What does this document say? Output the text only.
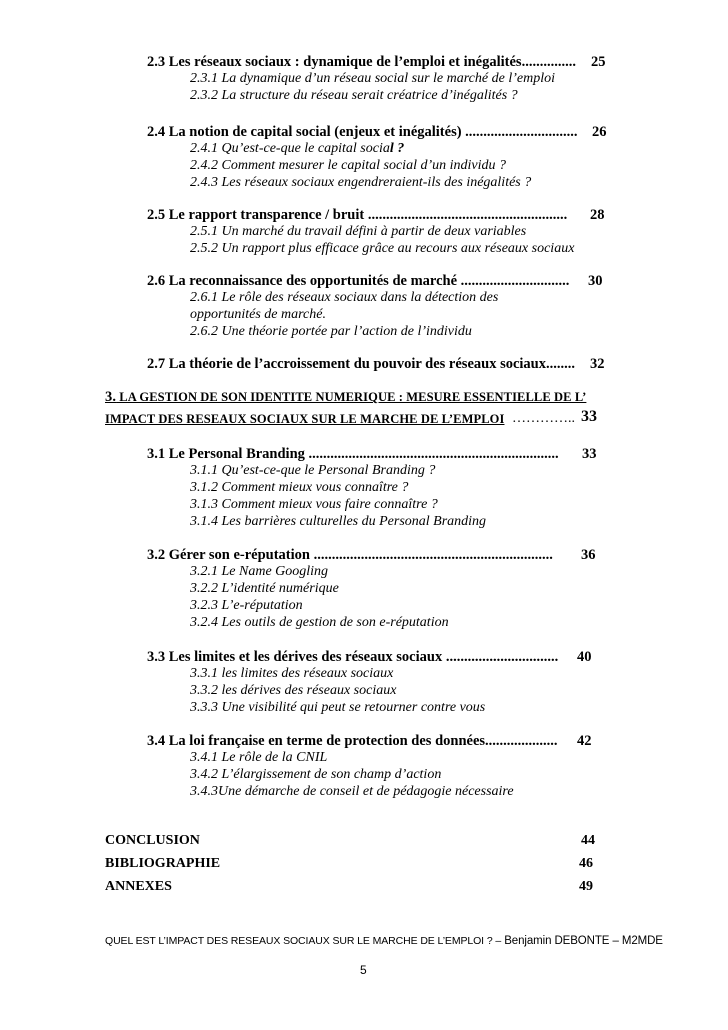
2.3 Les réseaux sociaux : dynamique de l’emploi et inégalités............... 25
2.3.1 La dynamique d’un réseau social sur le marché de l’emploi
2.3.2 La structure du réseau serait créatrice d’inégalités ?
2.4 La notion de capital social (enjeux et inégalités) ............................... 26
2.4.1 Qu’est-ce-que le capital social ?
2.4.2 Comment mesurer le capital social d’un individu ?
2.4.3 Les réseaux sociaux engendreraient-ils des inégalités ?
2.5 Le rapport transparence / bruit ....................................................... 28
2.5.1 Un marché du travail défini à partir de deux variables
2.5.2 Un rapport plus efficace grâce au recours aux réseaux sociaux
2.6 La reconnaissance des opportunités de marché .............................. 30
2.6.1 Le rôle des réseaux sociaux dans la détection des
opportunités de marché.
2.6.2 Une théorie portée par l’action de l’individu
2.7 La théorie de l’accroissement du pouvoir des réseaux sociaux........ 32
3. LA GESTION DE SON IDENTITE NUMERIQUE : MESURE ESSENTIELLE DE L’
IMPACT DES RESEAUX SOCIAUX SUR LE MARCHE DE L’EMPLOI ………….. 33
3.1 Le Personal Branding ..................................................................... 33
3.1.1 Qu’est-ce-que le Personal Branding ?
3.1.2 Comment mieux vous connaître ?
3.1.3 Comment mieux vous faire connaître ?
3.1.4 Les barrières culturelles du Personal Branding
3.2 Gérer son e-réputation .................................................................. 36
3.2.1 Le Name Googling
3.2.2 L’identité numérique
3.2.3 L’e-réputation
3.2.4 Les outils de gestion de son e-réputation
3.3 Les limites et les dérives des réseaux sociaux ............................... 40
3.3.1 les limites des réseaux sociaux
3.3.2 les dérives des réseaux sociaux
3.3.3 Une visibilité qui peut se retourner contre vous
3.4 La loi française en terme de protection des données.................... 42
3.4.1 Le rôle de la CNIL
3.4.2 L’élargissement de son champ d’action
3.4.3Une démarche de conseil et de pédagogie nécessaire
CONCLUSION	44
BIBLIOGRAPHIE	46
ANNEXES	49
QUEL EST L’IMPACT DES RESEAUX SOCIAUX SUR LE MARCHE DE L’EMPLOI ? – Benjamin DEBONTE – M2MDE
5
